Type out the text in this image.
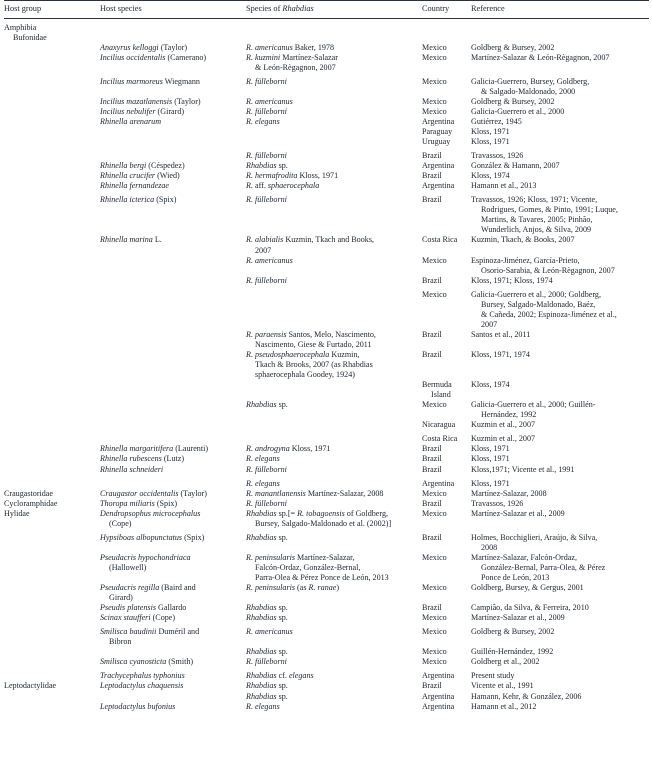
Host group	Host species	Species of Rhabdias	Country	Reference

Amphibia
Bufonidae				

	Anaxyrus kelloggi (Taylor)	R. americanus Baker, 1978	Mexico	Goldberg & Bursey, 2002

	Incilius occidentalis (Camerano)	R. kuzmini Martínez-Salazar
& León-Règagnon, 2007	Mexico	Martínez-Salazar & León-Règagnon, 2007

	Incilius marmoreus Wiegmann	R. fülleborni	Mexico	Galicia-Guerrero, Bursey, Goldberg,
& Salgado-Maldonado, 2000

	Incilius mazatlanensis (Taylor)	R. americanus	Mexico	Goldberg & Bursey, 2002

	Incilius nebulifer (Girard)	R. fülleborni	Mexico	Galicia-Guerrero et al., 2000

	Rhinella arenarum	R. elegans	Argentina	Gutiérrez, 1945

			Paraguay	Kloss, 1971

			Uruguay	Kloss, 1971

		R. fülleborni	Brazil	Travassos, 1926

	Rhinella bergi (Céspedez)	Rhabdias sp.	Argentina	González & Hamann, 2007

	Rhinella crucifer (Wied)	R. hermafrodita Kloss, 1971	Brazil	Kloss, 1974

	Rhinella fernandezae	R. aff. sphaerocephala	Argentina	Hamann et al., 2013

	Rhinella icterica (Spix)	R. fülleborni	Brazil	Travassos, 1926; Kloss, 1971; Vicente,
Rodrigues, Gomes, & Pinto, 1991; Luque,
Martins, & Tavares, 2005; Pinhão,
Wunderlich, Anjos, & Silva, 2009

	Rhinella marina L.	R. alabialis Kuzmin, Tkach and Books,
2007	Costa Rica	Kuzmin, Tkach, & Books, 2007

		R. americanus	Mexico	Espinoza-Jiménez, García-Prieto,
Osorio-Sarabia, & León-Règagnon, 2007

		R. fülleborni	Brazil	Kloss, 1971; Kloss, 1974

			Mexico	Galicia-Guerrero et al., 2000; Goldberg,
Bursey, Salgado-Maldonado, Baéz,
& Cañeda, 2002; Espinoza-Jiménez et al.,
2007

		R. paraensis Santos, Melo, Nascimento,
Nascimento, Giese & Furtado, 2011	Brazil	Santos et al., 2011

		R. pseudosphaerocephala Kuzmin,
Tkach & Brooks, 2007 (as Rhabdias
sphaerocephala Goodey, 1924)	Brazil	Kloss, 1971, 1974

			Bermuda
Island	Kloss, 1974

		Rhabdias sp.	Mexico	Galicia-Guerrero et al., 2000; Guillén-
Hernández, 1992

			Nicaragua	Kuzmin et al., 2007

			Costa Rica	Kuzmin et al., 2007

	Rhinella margaritifera (Laurenti)	R. androgyna Kloss, 1971	Brazil	Kloss, 1971

	Rhinella rubescens (Lutz)	R. elegans	Brazil	Kloss, 1971

	Rhinella schneideri	R. fülleborni	Brazil	Kloss,1971; Vicente et al., 1991

		R. elegans	Argentina	Kloss, 1971

Craugastoridae	Craugastor occidentalis (Taylor)	R. manantlanensis Martínez-Salazar, 2008	Mexico	Martínez-Salazar, 2008

Cycloramphidae	Thoropa miliaris (Spix)	R. fülleborni	Brazil	Travassos, 1926

Hylidae	Dendropsophus microcephalus
(Cope)	Rhabdias sp.[= R. tobagoensis of Goldberg,
Bursey, Salgado-Maldonado et al. (2002)]	Mexico	Martínez-Salazar et al., 2009

	Hypsiboas albopunctatus (Spix)	Rhabdias sp.	Brazil	Holmes, Bocchiglieri, Araújo, & Silva,
2008

	Pseudacris hypochondriaca
(Hallowell)	R. peninsularis Martínez-Salazar,
Falcón-Ordaz, González-Bernal,
Parra-Olea & Pérez Ponce de León, 2013	Mexico	Martínez-Salazar, Falcón-Ordaz,
González-Bernal, Parra-Olea, & Pérez
Ponce de León, 2013

	Pseudacris regilla (Baird and
Girard)	R. peninsularis (as R. ranae)	Mexico	Goldberg, Bursey, & Gergus, 2001

	Pseudis platensis Gallardo	Rhabdias sp.	Brazil	Campião, da Silva, & Ferreira, 2010

	Scinax staufferi (Cope)	Rhabdias sp.	Mexico	Martínez-Salazar et al., 2009

	Smilisca baudinii Duméril and
Bibron	R. americanus	Mexico	Goldberg & Bursey, 2002

		Rhabdias sp.	Mexico	Guillén-Hernández, 1992

	Smilisca cyanosticta (Smith)	R. fülleborni	Mexico	Goldberg et al., 2002

	Trachycephalus typhonius	Rhabdias cf. elegans	Argentina	Present study

Leptodactylidae	Leptodactylus chaquensis	Rhabdias sp.	Brazil	Vicente et al., 1991

		Rhabdias sp.	Argentina	Hamann, Kehr, & González, 2006

	Leptodactylus bufonius	R. elegans	Argentina	Hamann et al., 2012
